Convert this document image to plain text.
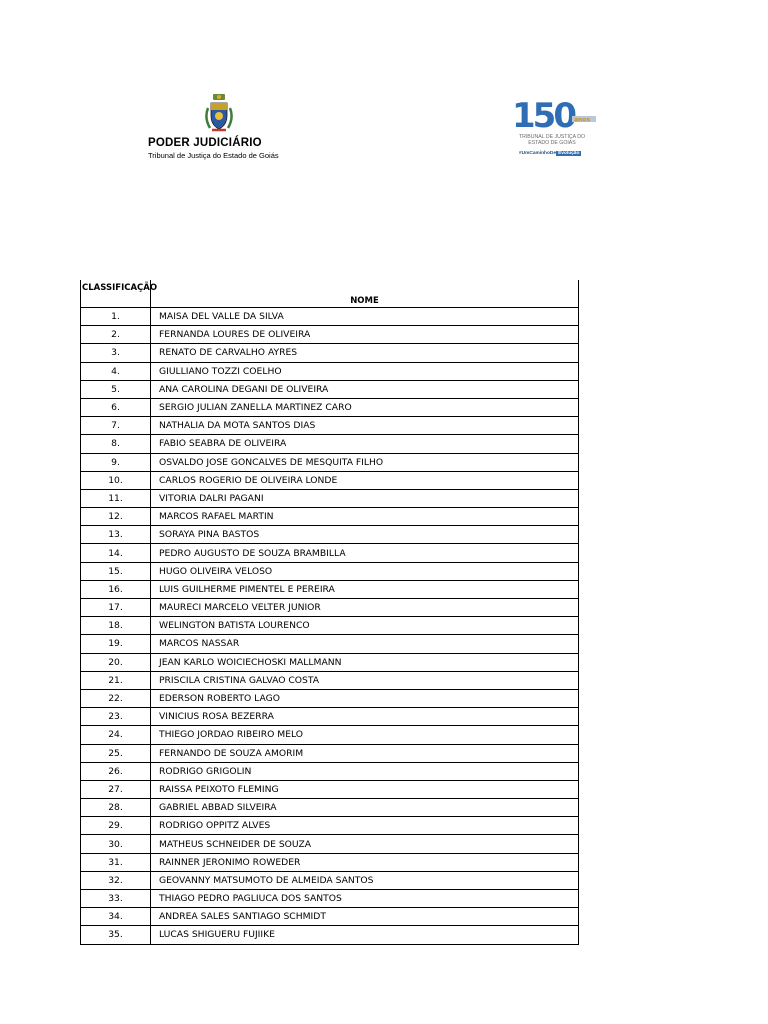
PODER JUDICIÁRIO
Tribunal de Justiça do Estado de Goiás
150 anos
TRIBUNAL DE JUSTIÇA DO
ESTADO DE GOIÁS
#UmCaminhoDe Evolução
CLASSIFICAÇÃO	NOME
1.	MAISA DEL VALLE DA SILVA
2.	FERNANDA LOURES DE OLIVEIRA
3.	RENATO DE CARVALHO AYRES
4.	GIULLIANO TOZZI COELHO
5.	ANA CAROLINA DEGANI DE OLIVEIRA
6.	SERGIO JULIAN ZANELLA MARTINEZ CARO
7.	NATHALIA DA MOTA SANTOS DIAS
8.	FABIO SEABRA DE OLIVEIRA
9.	OSVALDO JOSE GONCALVES DE MESQUITA FILHO
10.	CARLOS ROGERIO DE OLIVEIRA LONDE
11.	VITORIA DALRI PAGANI
12.	MARCOS RAFAEL MARTIN
13.	SORAYA PINA BASTOS
14.	PEDRO AUGUSTO DE SOUZA BRAMBILLA
15.	HUGO OLIVEIRA VELOSO
16.	LUIS GUILHERME PIMENTEL E PEREIRA
17.	MAURECI MARCELO VELTER JUNIOR
18.	WELINGTON BATISTA LOURENCO
19.	MARCOS NASSAR
20.	JEAN KARLO WOICIECHOSKI MALLMANN
21.	PRISCILA CRISTINA GALVAO COSTA
22.	EDERSON ROBERTO LAGO
23.	VINICIUS ROSA BEZERRA
24.	THIEGO JORDAO RIBEIRO MELO
25.	FERNANDO DE SOUZA AMORIM
26.	RODRIGO GRIGOLIN
27.	RAISSA PEIXOTO FLEMING
28.	GABRIEL ABBAD SILVEIRA
29.	RODRIGO OPPITZ ALVES
30.	MATHEUS SCHNEIDER DE SOUZA
31.	RAINNER JERONIMO ROWEDER
32.	GEOVANNY MATSUMOTO DE ALMEIDA SANTOS
33.	THIAGO PEDRO PAGLIUCA DOS SANTOS
34.	ANDREA SALES SANTIAGO SCHMIDT
35.	LUCAS SHIGUERU FUJIIKE
